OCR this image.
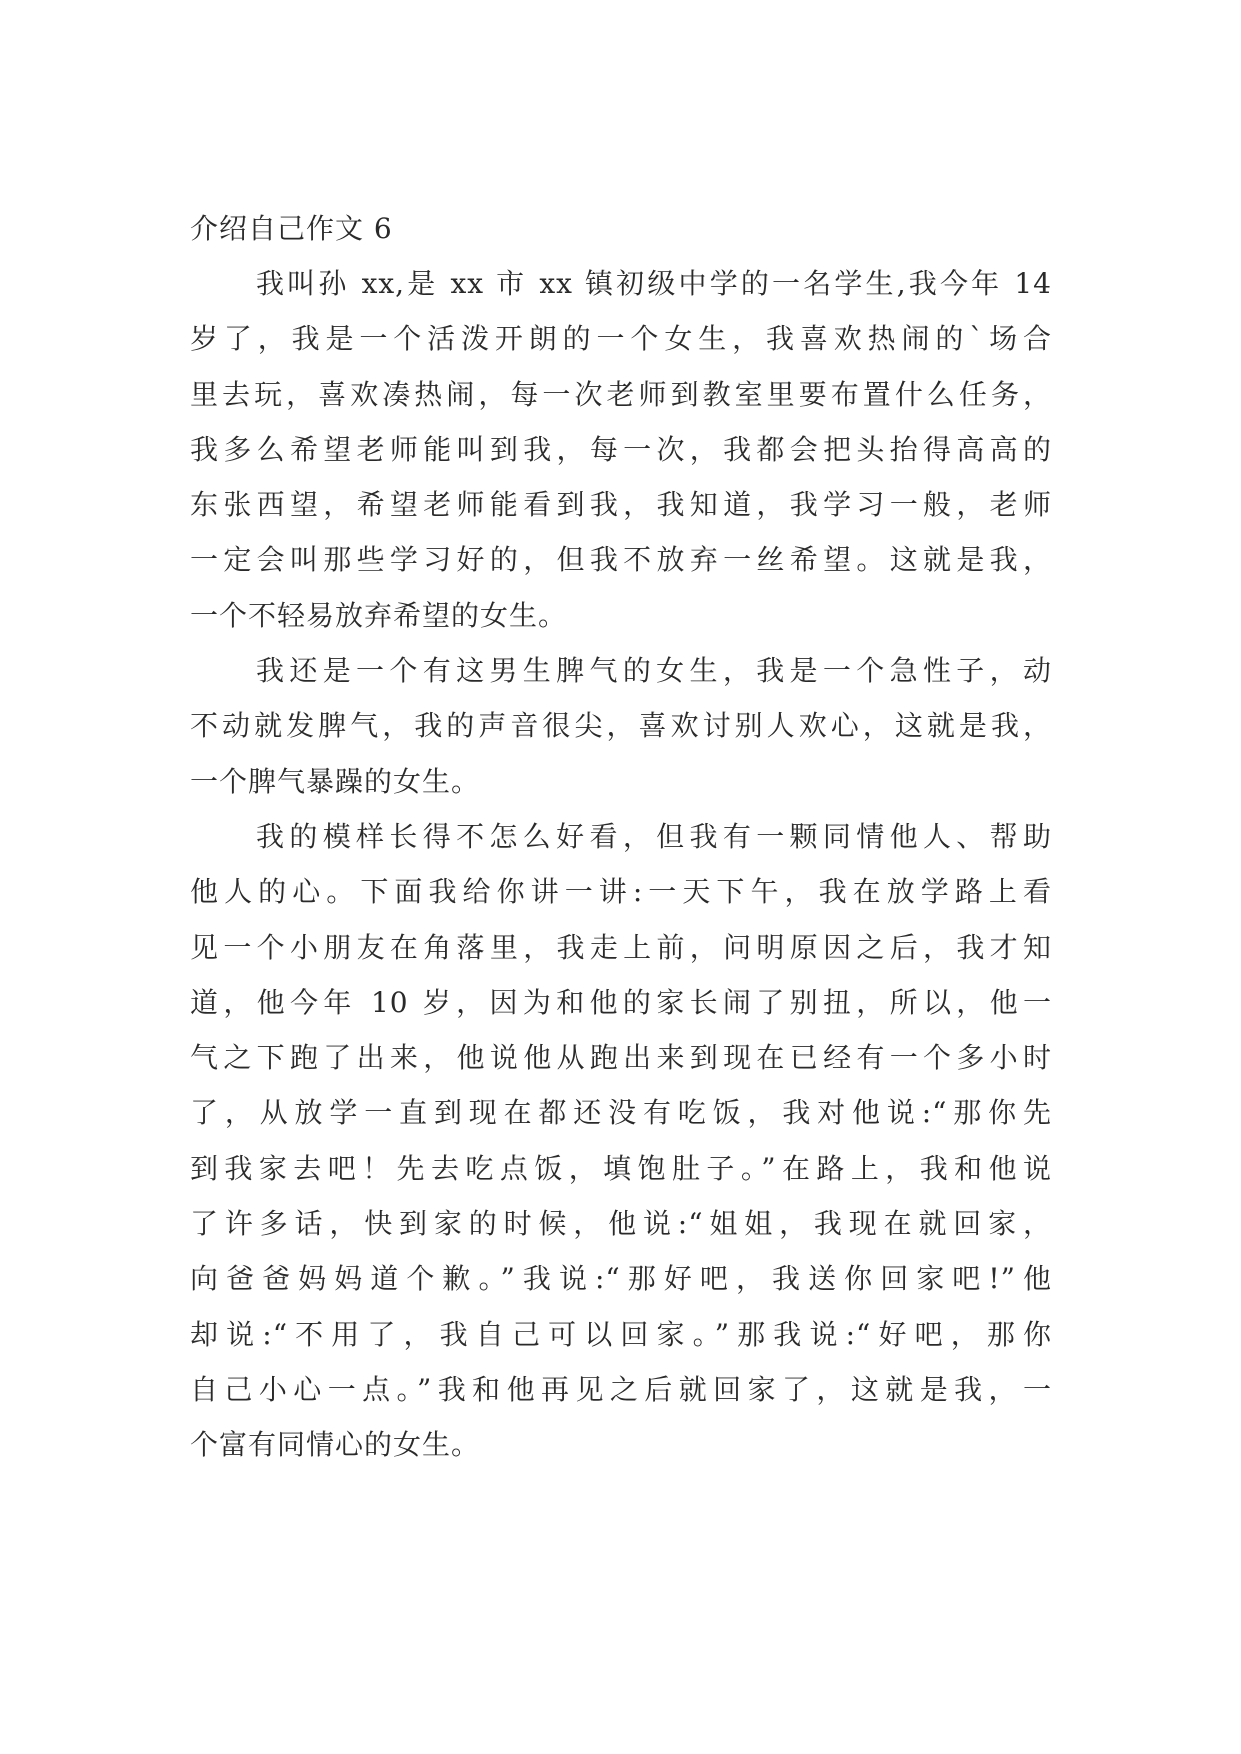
介绍自己作文 6
我叫孙 xx,是 xx 市 xx 镇初级中学的一名学生,我今年 14
岁了，我是一个活泼开朗的一个女生，我喜欢热闹的`场合
里去玩，喜欢凑热闹，每一次老师到教室里要布置什么任务，
我多么希望老师能叫到我，每一次，我都会把头抬得高高的
东张西望，希望老师能看到我，我知道，我学习一般，老师
一定会叫那些学习好的，但我不放弃一丝希望。这就是我，
一个不轻易放弃希望的女生。
我还是一个有这男生脾气的女生，我是一个急性子，动
不动就发脾气，我的声音很尖，喜欢讨别人欢心，这就是我，
一个脾气暴躁的女生。
我的模样长得不怎么好看，但我有一颗同情他人、帮助
他人的心。下面我给你讲一讲:一天下午，我在放学路上看
见一个小朋友在角落里，我走上前，问明原因之后，我才知
道，他今年 10 岁，因为和他的家长闹了别扭，所以，他一
气之下跑了出来，他说他从跑出来到现在已经有一个多小时
了，从放学一直到现在都还没有吃饭，我对他说:“那你先
到我家去吧！先去吃点饭，填饱肚子。”在路上，我和他说
了许多话，快到家的时候，他说:“姐姐，我现在就回家，
向爸爸妈妈道个歉。”我说:“那好吧，我送你回家吧!”他
却说:“不用了，我自己可以回家。”那我说:“好吧，那你
自己小心一点。”我和他再见之后就回家了，这就是我，一
个富有同情心的女生。
